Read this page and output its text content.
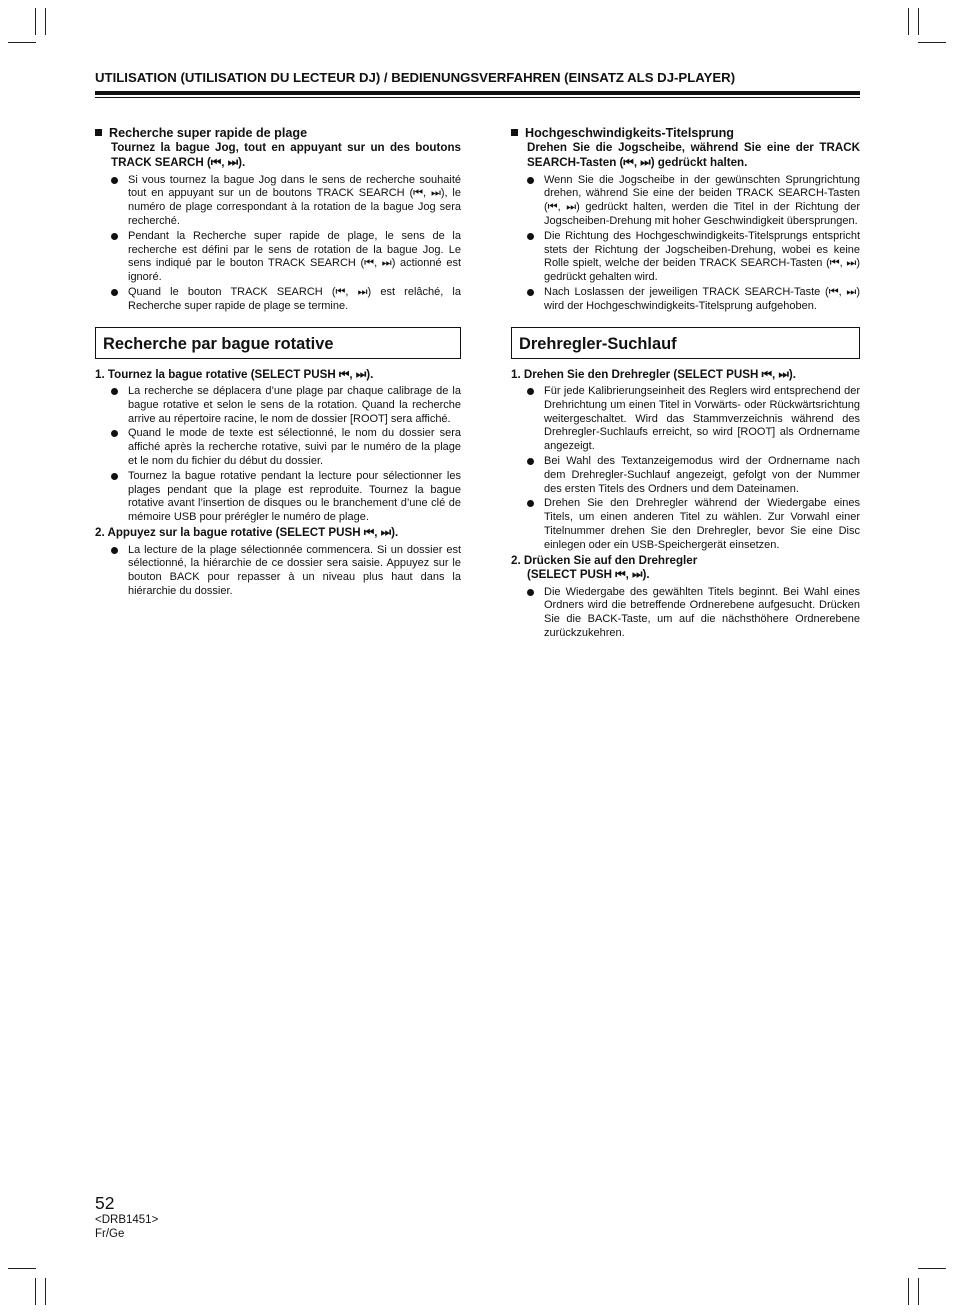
UTILISATION (UTILISATION DU LECTEUR DJ) / BEDIENUNGSVERFAHREN (EINSATZ ALS DJ-PLAYER)
Recherche super rapide de plage
Tournez la bague Jog, tout en appuyant sur un des boutons TRACK SEARCH (⏮, ⏭).
Si vous tournez la bague Jog dans le sens de recherche souhaité tout en appuyant sur un de boutons TRACK SEARCH (⏮, ⏭), le numéro de plage correspondant à la rotation de la bague Jog sera recherché.
Pendant la Recherche super rapide de plage, le sens de la recherche est défini par le sens de rotation de la bague Jog. Le sens indiqué par le bouton TRACK SEARCH (⏮, ⏭) actionné est ignoré.
Quand le bouton TRACK SEARCH (⏮, ⏭) est relâché, la Recherche super rapide de plage se termine.
Recherche par bague rotative
1. Tournez la bague rotative (SELECT PUSH ⏮, ⏭).
La recherche se déplacera d’une plage par chaque calibrage de la bague rotative et selon le sens de la rotation. Quand la recherche arrive au répertoire racine, le nom de dossier [ROOT] sera affiché.
Quand le mode de texte est sélectionné, le nom du dossier sera affiché après la recherche rotative, suivi par le numéro de la plage et le nom du fichier du début du dossier.
Tournez la bague rotative pendant la lecture pour sélectionner les plages pendant que la plage est reproduite. Tournez la bague rotative avant l’insertion de disques ou le branchement d’une clé de mémoire USB pour prérégler le numéro de plage.
2. Appuyez sur la bague rotative (SELECT PUSH ⏮, ⏭).
La lecture de la plage sélectionnée commencera. Si un dossier est sélectionné, la hiérarchie de ce dossier sera saisie. Appuyez sur le bouton BACK pour repasser à un niveau plus haut dans la hiérarchie du dossier.
Hochgeschwindigkeits-Titelsprung
Drehen Sie die Jogscheibe, während Sie eine der TRACK SEARCH-Tasten (⏮, ⏭) gedrückt halten.
Wenn Sie die Jogscheibe in der gewünschten Sprungrichtung drehen, während Sie eine der beiden TRACK SEARCH-Tasten (⏮, ⏭) gedrückt halten, werden die Titel in der Richtung der Jogscheiben-Drehung mit hoher Geschwindigkeit übersprungen.
Die Richtung des Hochgeschwindigkeits-Titelsprungs entspricht stets der Richtung der Jogscheiben-Drehung, wobei es keine Rolle spielt, welche der beiden TRACK SEARCH-Tasten (⏮, ⏭) gedrückt gehalten wird.
Nach Loslassen der jeweiligen TRACK SEARCH-Taste (⏮, ⏭) wird der Hochgeschwindigkeits-Titelsprung aufgehoben.
Drehregler-Suchlauf
1. Drehen Sie den Drehregler (SELECT PUSH ⏮, ⏭).
Für jede Kalibrierungseinheit des Reglers wird entsprechend der Drehrichtung um einen Titel in Vorwärts- oder Rückwärtsrichtung weitergeschaltet. Wird das Stammverzeichnis während des Drehregler-Suchlaufs erreicht, so wird [ROOT] als Ordnername angezeigt.
Bei Wahl des Textanzeigemodus wird der Ordnername nach dem Drehregler-Suchlauf angezeigt, gefolgt von der Nummer des ersten Titels des Ordners und dem Dateinamen.
Drehen Sie den Drehregler während der Wiedergabe eines Titels, um einen anderen Titel zu wählen. Zur Vorwahl einer Titelnummer drehen Sie den Drehregler, bevor Sie eine Disc einlegen oder ein USB-Speichergerät einsetzen.
2. Drücken Sie auf den Drehregler
(SELECT PUSH ⏮, ⏭).
Die Wiedergabe des gewählten Titels beginnt. Bei Wahl eines Ordners wird die betreffende Ordnerebene aufgesucht. Drücken Sie die BACK-Taste, um auf die nächsthöhere Ordnerebene zurückzukehren.
52
<DRB1451>
Fr/Ge
